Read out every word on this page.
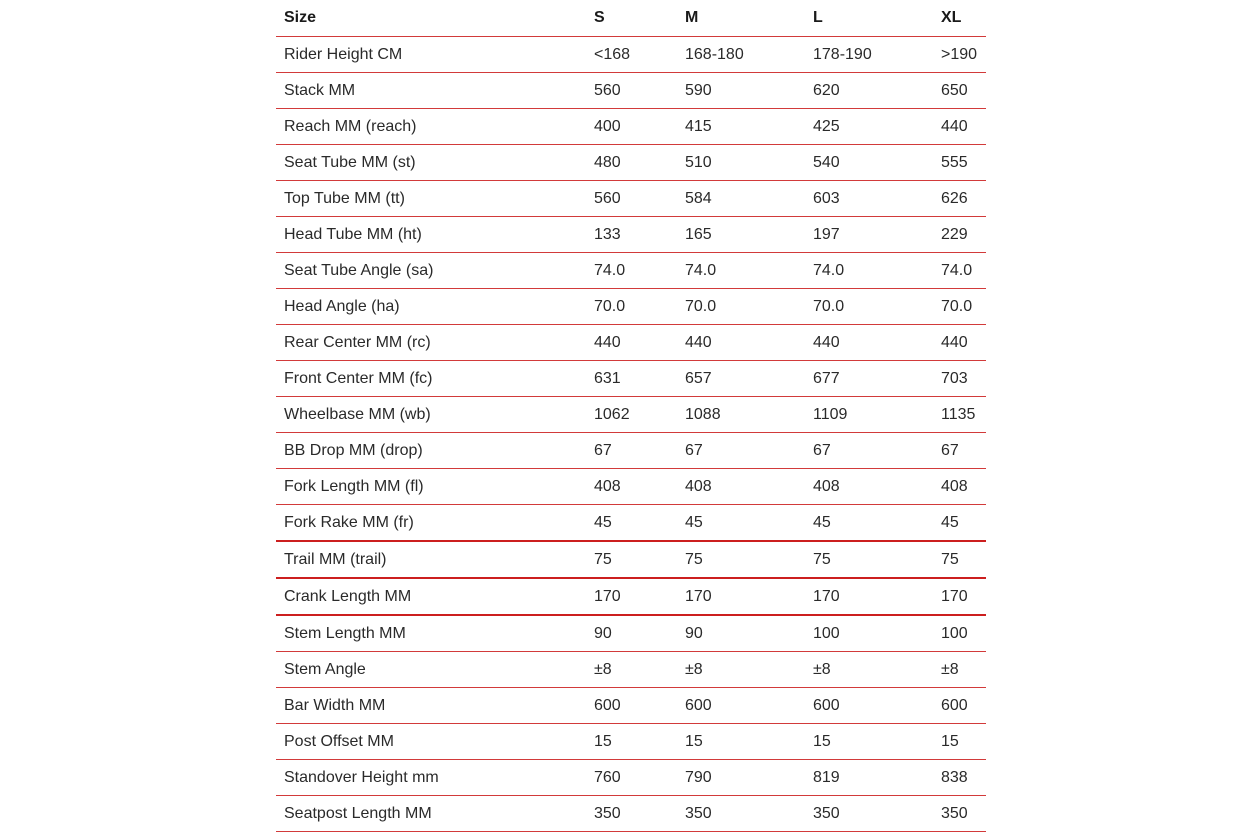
Size	S	M	L	XL
Rider Height CM	<168	168-180	178-190	>190
Stack MM	560	590	620	650
Reach MM (reach)	400	415	425	440
Seat Tube MM (st)	480	510	540	555
Top Tube MM (tt)	560	584	603	626
Head Tube MM (ht)	133	165	197	229
Seat Tube Angle (sa)	74.0	74.0	74.0	74.0
Head Angle (ha)	70.0	70.0	70.0	70.0
Rear Center MM (rc)	440	440	440	440
Front Center MM (fc)	631	657	677	703
Wheelbase MM (wb)	1062	1088	1109	1135
BB Drop MM (drop)	67	67	67	67
Fork Length MM (fl)	408	408	408	408
Fork Rake MM (fr)	45	45	45	45
Trail MM (trail)	75	75	75	75
Crank Length MM	170	170	170	170
Stem Length MM	90	90	100	100
Stem Angle	±8	±8	±8	±8
Bar Width MM	600	600	600	600
Post Offset MM	15	15	15	15
Standover Height mm	760	790	819	838
Seatpost Length MM	350	350	350	350
